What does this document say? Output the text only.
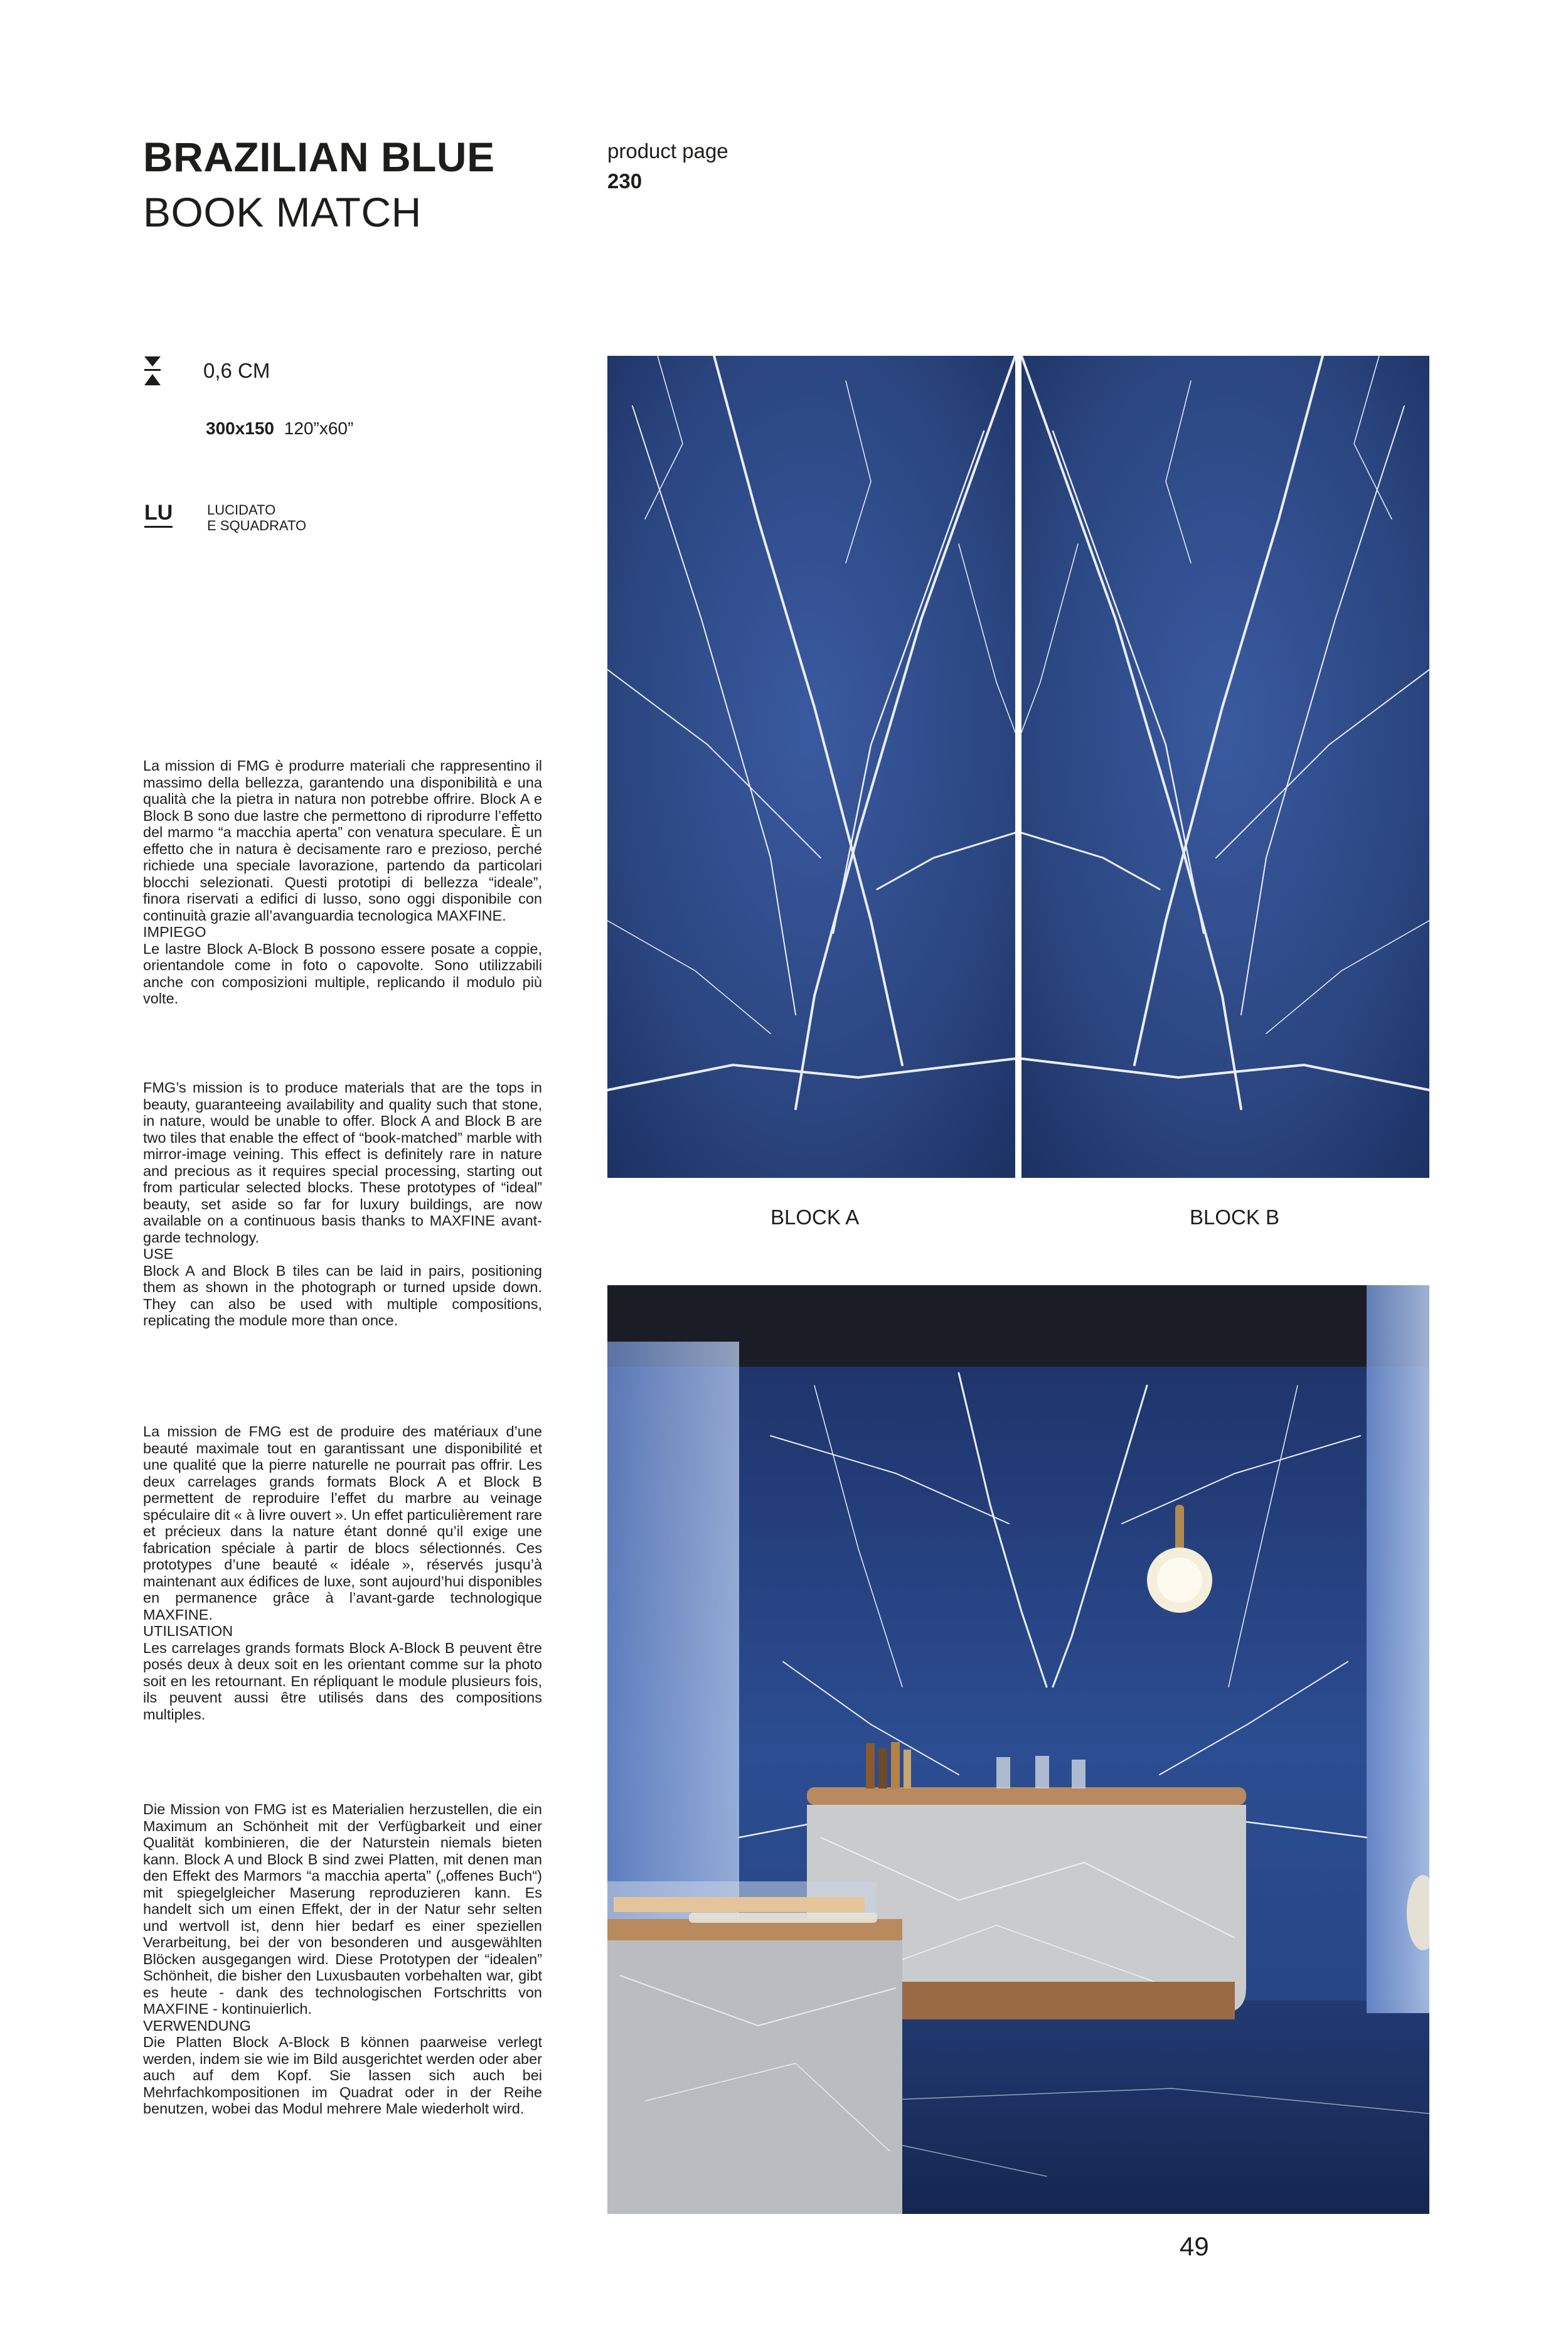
BRAZILIAN BLUE
BOOK MATCH
product page
230
0,6 CM
300x150 120”x60”
LU LUCIDATO
E SQUADRATO

La mission di FMG è produrre materiali che rappresentino il massimo della bellezza, garantendo una disponibilità e una qualità che la pietra in natura non potrebbe offrire. Block A e Block B sono due lastre che permettono di riprodurre l’effetto del marmo “a macchia aperta” con venatura speculare. È un effetto che in natura è decisamente raro e prezioso, perché richiede una speciale lavorazione, partendo da particolari blocchi selezionati. Questi prototipi di bellezza “ideale”, finora riservati a edifici di lusso, sono oggi disponibile con continuità grazie all’avanguardia tecnologica MAXFINE.

IMPIEGO

Le lastre Block A-Block B possono essere posate a coppie, orientandole come in foto o capovolte. Sono utilizzabili anche con composizioni multiple, replicando il modulo più volte.

FMG’s mission is to produce materials that are the tops in beauty, guaranteeing availability and quality such that stone, in nature, would be unable to offer. Block A and Block B are two tiles that enable the effect of “book-matched” marble with mirror-image veining. This effect is definitely rare in nature and precious as it requires special processing, starting out from particular selected blocks. These prototypes of “ideal” beauty, set aside so far for luxury buildings, are now available on a continuous basis thanks to MAXFINE avant-garde technology.

USE

Block A and Block B tiles can be laid in pairs, positioning them as shown in the photograph or turned upside down. They can also be used with multiple compositions, replicating the module more than once.

La mission de FMG est de produire des matériaux d’une beauté maximale tout en garantissant une disponibilité et une qualité que la pierre naturelle ne pourrait pas offrir. Les deux carrelages grands formats Block A et Block B permettent de reproduire l’effet du marbre au veinage spéculaire dit « à livre ouvert ». Un effet particulièrement rare et précieux dans la nature étant donné qu’il exige une fabrication spéciale à partir de blocs sélectionnés. Ces prototypes d’une beauté « idéale », réservés jusqu’à maintenant aux édifices de luxe, sont aujourd’hui disponibles en permanence grâce à l’avant-garde technologique MAXFINE.

UTILISATION

Les carrelages grands formats Block A-Block B peuvent être posés deux à deux soit en les orientant comme sur la photo soit en les retournant. En répliquant le module plusieurs fois, ils peuvent aussi être utilisés dans des compositions multiples.

Die Mission von FMG ist es Materialien herzustellen, die ein Maximum an Schönheit mit der Verfügbarkeit und einer Qualität kombinieren, die der Naturstein niemals bieten kann. Block A und Block B sind zwei Platten, mit denen man den Effekt des Marmors “a macchia aperta” („offenes Buch“) mit spiegelgleicher Maserung reproduzieren kann. Es handelt sich um einen Effekt, der in der Natur sehr selten und wertvoll ist, denn hier bedarf es einer speziellen Verarbeitung, bei der von besonderen und ausgewählten Blöcken ausgegangen wird. Diese Prototypen der “idealen” Schönheit, die bisher den Luxusbauten vorbehalten war, gibt es heute - dank des technologischen Fortschritts von MAXFINE - kontinuierlich.

VERWENDUNG

Die Platten Block A-Block B können paarweise verlegt werden, indem sie wie im Bild ausgerichtet werden oder aber auch auf dem Kopf. Sie lassen sich auch bei Mehrfachkompositionen im Quadrat oder in der Reihe benutzen, wobei das Modul mehrere Male wiederholt wird.

BLOCK A	BLOCK B
49
